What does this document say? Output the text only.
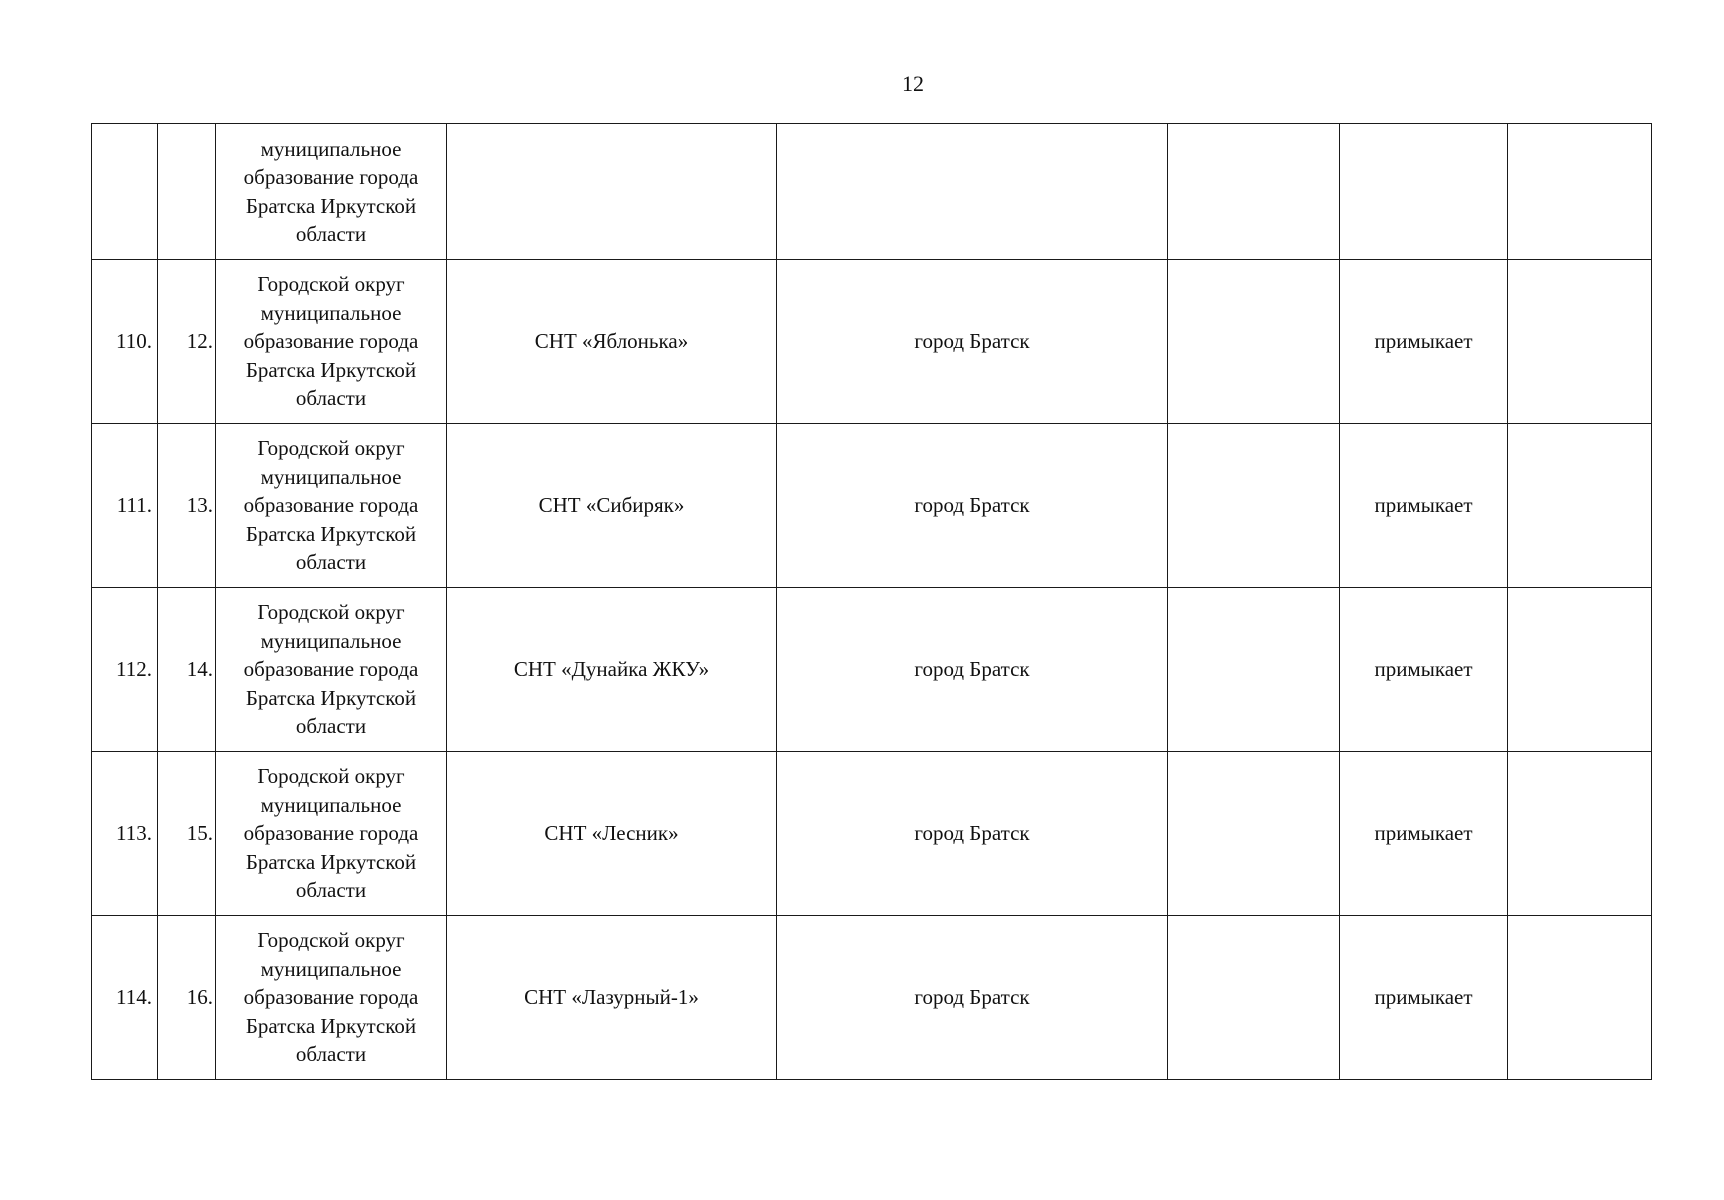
12

		муниципальное
образование города
Братска Иркутской
области					

110.	12.	Городской округ
муниципальное
образование города
Братска Иркутской
области	СНТ «Яблонька»	город Братск		примыкает	
111.	13.	Городской округ
муниципальное
образование города
Братска Иркутской
области	СНТ «Сибиряк»	город Братск		примыкает	
112.	14.	Городской округ
муниципальное
образование города
Братска Иркутской
области	СНТ «Дунайка ЖКУ»	город Братск		примыкает	
113.	15.	Городской округ
муниципальное
образование города
Братска Иркутской
области	СНТ «Лесник»	город Братск		примыкает	
114.	16.	Городской округ
муниципальное
образование города
Братска Иркутской
области	СНТ «Лазурный-1»	город Братск		примыкает	
